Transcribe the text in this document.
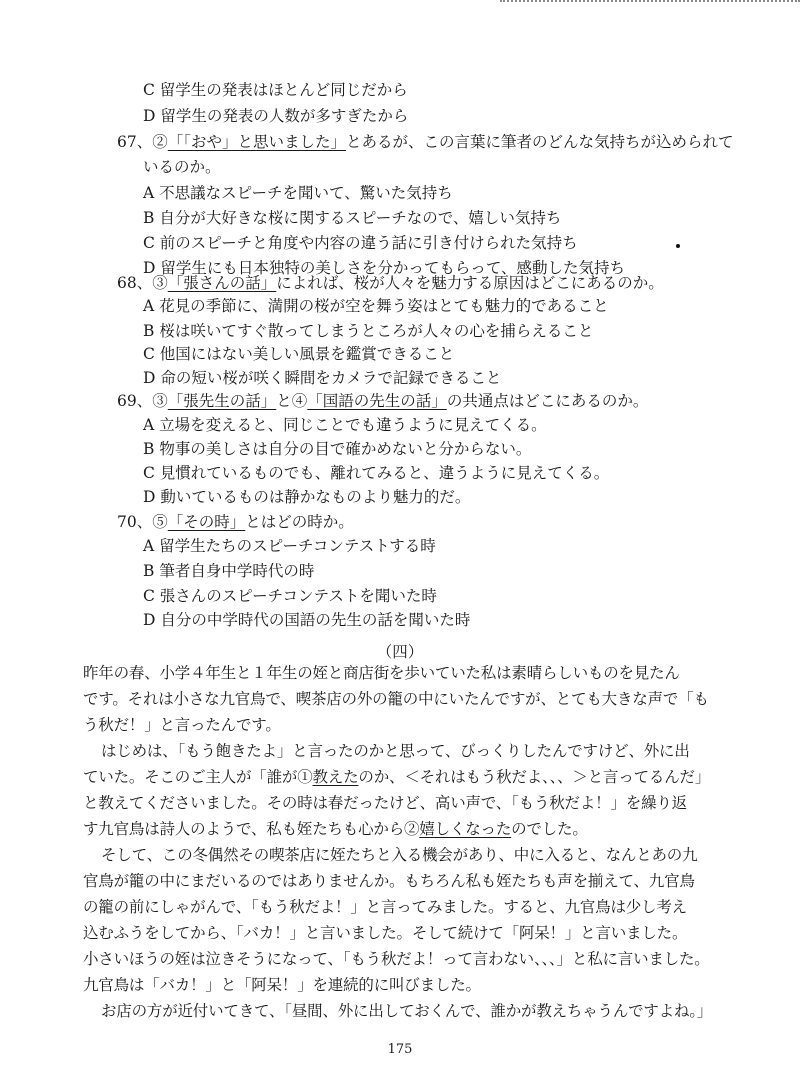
C 留学生の発表はほとんど同じだから
D 留学生の発表の人数が多すぎたから
67、②「「おや」と思いました」とあるが、この言葉に筆者のどんな気持ちが込められて
いるのか。
A 不思議なスピーチを聞いて、驚いた気持ち
B 自分が大好きな桜に関するスピーチなので、嬉しい気持ち
C 前のスピーチと角度や内容の違う話に引き付けられた気持ち
D 留学生にも日本独特の美しさを分かってもらって、感動した気持ち
68、③「張さんの話」によれば、桜が人々を魅力する原因はどこにあるのか。
A 花見の季節に、満開の桜が空を舞う姿はとても魅力的であること
B 桜は咲いてすぐ散ってしまうところが人々の心を捕らえること
C 他国にはない美しい風景を鑑賞できること
D 命の短い桜が咲く瞬間をカメラで記録できること
69、③「張先生の話」と④「国語の先生の話」の共通点はどこにあるのか。
A 立場を変えると、同じことでも違うように見えてくる。
B 物事の美しさは自分の目で確かめないと分からない。
C 見慣れているものでも、離れてみると、違うように見えてくる。
D 動いているものは静かなものより魅力的だ。
70、⑤「その時」とはどの時か。
A 留学生たちのスピーチコンテストする時
B 筆者自身中学時代の時
C 張さんのスピーチコンテストを聞いた時
D 自分の中学時代の国語の先生の話を聞いた時
（四）
昨年の春、小学４年生と１年生の姪と商店街を歩いていた私は素晴らしいものを見たん
です。それは小さな九官鳥で、喫茶店の外の籠の中にいたんですが、とても大きな声で「も
う秋だ！」と言ったんです。
はじめは、「もう飽きたよ」と言ったのかと思って、びっくりしたんですけど、外に出
ていた。そこのご主人が「誰が①教えたのか、＜それはもう秋だよ、、、＞と言ってるんだ」
と教えてくださいました。その時は春だったけど、高い声で、「もう秋だよ！」を繰り返
す九官鳥は詩人のようで、私も姪たちも心から②嬉しくなったのでした。
そして、この冬偶然その喫茶店に姪たちと入る機会があり、中に入ると、なんとあの九
官鳥が籠の中にまだいるのではありませんか。もちろん私も姪たちも声を揃えて、九官鳥
の籠の前にしゃがんで、「もう秋だよ！」と言ってみました。すると、九官鳥は少し考え
込むふうをしてから、「バカ！」と言いました。そして続けて「阿呆！」と言いました。
小さいほうの姪は泣きそうになって、「もう秋だよ！って言わない、、、」と私に言いました。
九官鳥は「バカ！」と「阿呆！」を連続的に叫びました。
お店の方が近付いてきて、「昼間、外に出しておくんで、誰かが教えちゃうんですよね。」
175
